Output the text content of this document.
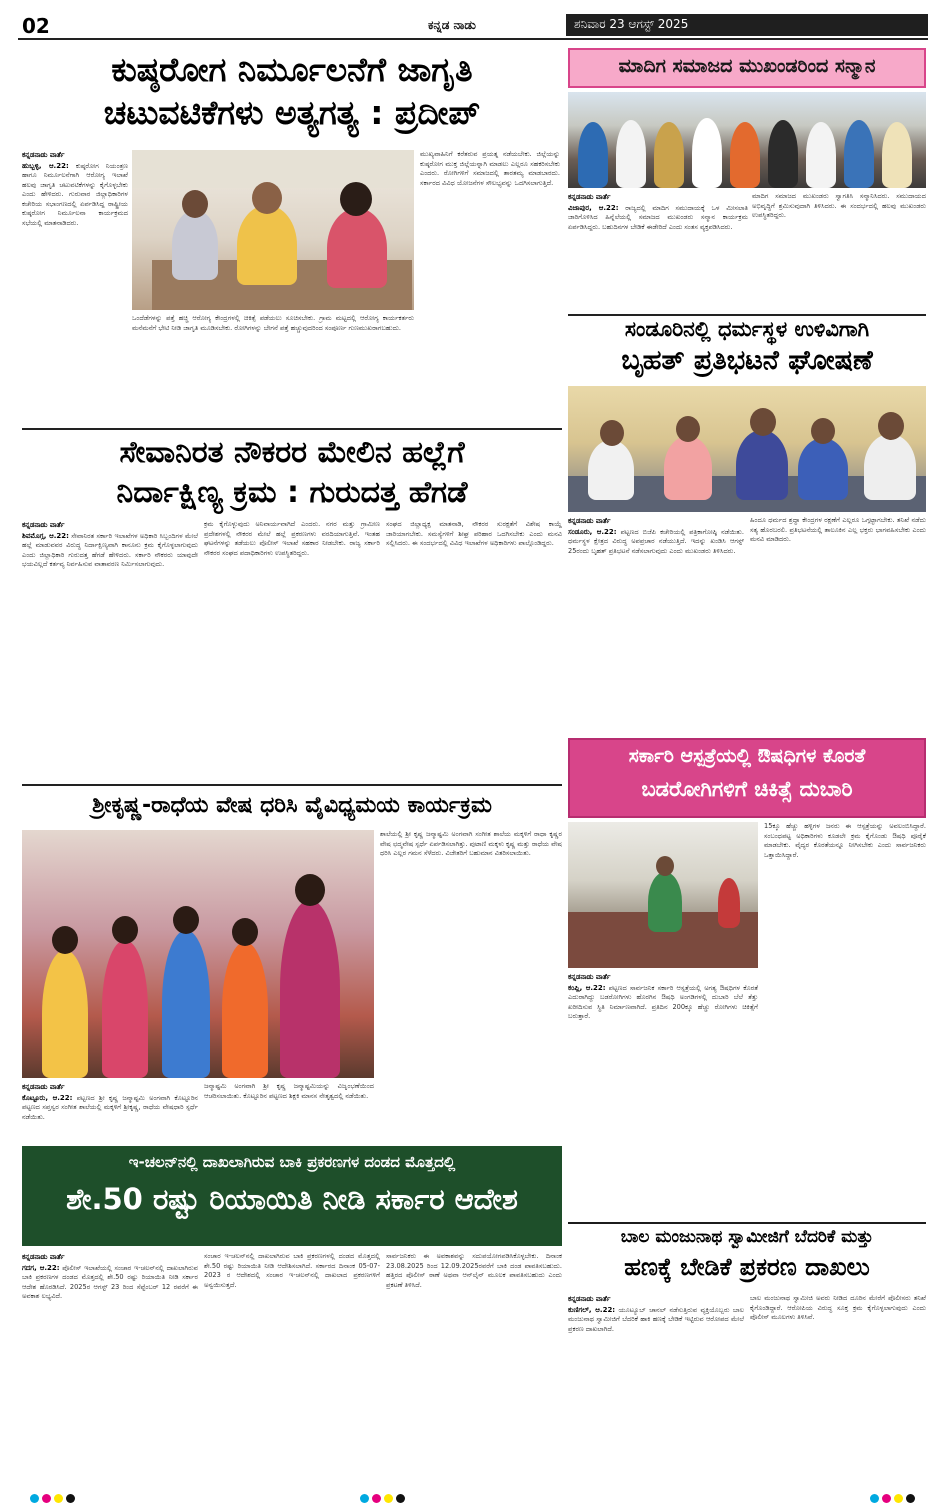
02	ಕನ್ನಡ ನಾಡು	ಶನಿವಾರ 23 ಆಗಸ್ಟ್ 2025
ಕುಷ್ಠರೋಗ ನಿರ್ಮೂಲನೆಗೆ ಜಾಗೃತಿ
ಚಟುವಟಿಕೆಗಳು ಅತ್ಯಗತ್ಯ : ಪ್ರದೀಪ್
ಕನ್ನಡನಾಡು ವಾರ್ತೆ
ಹುಬ್ಬಳ್ಳಿ, ಆ.22: ಕುಷ್ಠರೋಗ ನಿಯಂತ್ರಣ ಹಾಗೂ ನಿರ್ಮೂಲನೆಗಾಗಿ ಆರೋಗ್ಯ ಇಲಾಖೆ ಹಲವು ಜಾಗೃತಿ ಚಟುವಟಿಕೆಗಳನ್ನು ಕೈಗೊಳ್ಳಬೇಕು ಎಂದು ಹೇಳಿದರು. ಗುರುವಾರ ಜಿಲ್ಲಾಧಿಕಾರಿಗಳ ಕಚೇರಿಯ ಸಭಾಂಗಣದಲ್ಲಿ ಏರ್ಪಡಿಸಿದ್ದ ರಾಷ್ಟ್ರೀಯ ಕುಷ್ಠರೋಗ ನಿರ್ಮೂಲನಾ ಕಾರ್ಯಕ್ರಮದ ಸಭೆಯಲ್ಲಿ ಮಾತನಾಡಿದರು.
ಒಂದೆಡೆಗಳನ್ನು ಪತ್ತೆ ಹಚ್ಚಿ ಆರೋಗ್ಯ ಕೇಂದ್ರಗಳಲ್ಲಿ ಚಿಕಿತ್ಸೆ ಪಡೆಯಲು ಸೂಚಿಸಬೇಕು. ಗ್ರಾಮ ಮಟ್ಟದಲ್ಲಿ ಆರೋಗ್ಯ ಕಾರ್ಯಕರ್ತರು ಮನೆಮನೆಗೆ ಭೇಟಿ ನೀಡಿ ಜಾಗೃತಿ ಮೂಡಿಸಬೇಕು. ರೋಗಿಗಳನ್ನು ಬೇಗನೆ ಪತ್ತೆ ಹಚ್ಚುವುದರಿಂದ ಸಂಪೂರ್ಣ ಗುಣಮುಖರಾಗಬಹುದು.
ಮುಖ್ಯವಾಹಿನಿಗೆ ಕರೆತರುವ ಪ್ರಯತ್ನ ನಡೆಯಬೇಕು. ಜಿಲ್ಲೆಯನ್ನು ಕುಷ್ಠರೋಗ ಮುಕ್ತ ಜಿಲ್ಲೆಯನ್ನಾಗಿ ಮಾಡಲು ಎಲ್ಲರೂ ಸಹಕರಿಸಬೇಕು ಎಂದರು. ರೋಗಿಗಳಿಗೆ ಸಮಾಜದಲ್ಲಿ ತಾರತಮ್ಯ ಮಾಡಬಾರದು. ಸರ್ಕಾರದ ವಿವಿಧ ಯೋಜನೆಗಳ ಸೌಲಭ್ಯವನ್ನು ಒದಗಿಸಲಾಗುತ್ತಿದೆ.
ಮಾದಿಗ ಸಮಾಜದ ಮುಖಂಡರಿಂದ ಸನ್ಮಾನ
ಕನ್ನಡನಾಡು ವಾರ್ತೆ
ವಿಜಾಪುರ, ಆ.22: ರಾಜ್ಯದಲ್ಲಿ ಮಾದಿಗ ಸಮುದಾಯಕ್ಕೆ ಒಳ ಮೀಸಲಾತಿ ಜಾರಿಗೊಳಿಸಿದ ಹಿನ್ನೆಲೆಯಲ್ಲಿ ಸಮಾಜದ ಮುಖಂಡರು ಸನ್ಮಾನ ಕಾರ್ಯಕ್ರಮ ಏರ್ಪಡಿಸಿದ್ದರು. ಬಹುದಿನಗಳ ಬೇಡಿಕೆ ಈಡೇರಿದೆ ಎಂದು ಸಂತಸ ವ್ಯಕ್ತಪಡಿಸಿದರು.
ಮಾದಿಗ ಸಮಾಜದ ಮುಖಂಡರು ಸ್ವಾಗತಿಸಿ ಸನ್ಮಾನಿಸಿದರು. ಸಮುದಾಯದ ಅಭಿವೃದ್ಧಿಗೆ ಶ್ರಮಿಸುವುದಾಗಿ ತಿಳಿಸಿದರು. ಈ ಸಂದರ್ಭದಲ್ಲಿ ಹಲವು ಮುಖಂಡರು ಉಪಸ್ಥಿತರಿದ್ದರು.
ಸಂಡೂರಿನಲ್ಲಿ ಧರ್ಮಸ್ಥಳ ಉಳಿವಿಗಾಗಿ
ಬೃಹತ್ ಪ್ರತಿಭಟನೆ ಘೋಷಣೆ
ಕನ್ನಡನಾಡು ವಾರ್ತೆ
ಸಂಡೂರು, ಆ.22: ಪಟ್ಟಣದ ಬಿಜೆಪಿ ಕಚೇರಿಯಲ್ಲಿ ಪತ್ರಿಕಾಗೋಷ್ಠಿ ನಡೆಯಿತು. ಧರ್ಮಸ್ಥಳ ಕ್ಷೇತ್ರದ ವಿರುದ್ಧ ಅಪಪ್ರಚಾರ ನಡೆಯುತ್ತಿದೆ. ಇದನ್ನು ಖಂಡಿಸಿ ಆಗಸ್ಟ್ 25ರಂದು ಬೃಹತ್ ಪ್ರತಿಭಟನೆ ನಡೆಸಲಾಗುವುದು ಎಂದು ಮುಖಂಡರು ತಿಳಿಸಿದರು.
ಹಿಂದೂ ಧರ್ಮದ ಶ್ರದ್ಧಾ ಕೇಂದ್ರಗಳ ರಕ್ಷಣೆಗೆ ಎಲ್ಲರೂ ಒಗ್ಗಟ್ಟಾಗಬೇಕು. ತನಿಖೆ ನಡೆದು ಸತ್ಯ ಹೊರಬರಲಿ. ಪ್ರತಿಭಟನೆಯಲ್ಲಿ ತಾಲೂಕಿನ ಎಲ್ಲ ಭಕ್ತರು ಭಾಗವಹಿಸಬೇಕು ಎಂದು ಮನವಿ ಮಾಡಿದರು.
ಸೇವಾನಿರತ ನೌಕರರ ಮೇಲಿನ ಹಲ್ಲೆಗೆ
ನಿರ್ದಾಕ್ಷಿಣ್ಯ ಕ್ರಮ : ಗುರುದತ್ತ ಹೆಗಡೆ
ಕನ್ನಡನಾಡು ವಾರ್ತೆ
ಶಿವಮೊಗ್ಗ, ಆ.22: ಸೇವಾನಿರತ ಸರ್ಕಾರಿ ಇಲಾಖೆಗಳ ಅಧಿಕಾರಿ ಸಿಬ್ಬಂದಿಗಳ ಮೇಲೆ ಹಲ್ಲೆ ಮಾಡುವವರ ವಿರುದ್ಧ ನಿರ್ದಾಕ್ಷಿಣ್ಯವಾಗಿ ಕಾನೂನು ಕ್ರಮ ಕೈಗೊಳ್ಳಲಾಗುವುದು ಎಂದು ಜಿಲ್ಲಾಧಿಕಾರಿ ಗುರುದತ್ತ ಹೆಗಡೆ ಹೇಳಿದರು. ಸರ್ಕಾರಿ ನೌಕರರು ಯಾವುದೇ ಭಯವಿಲ್ಲದೆ ಕರ್ತವ್ಯ ನಿರ್ವಹಿಸುವ ವಾತಾವರಣ ನಿರ್ಮಿಸಲಾಗುವುದು.
ಕ್ರಮ ಕೈಗೊಳ್ಳುವುದು ಅನಿವಾರ್ಯವಾಗಿದೆ ಎಂದರು. ನಗರ ಮತ್ತು ಗ್ರಾಮೀಣ ಪ್ರದೇಶಗಳಲ್ಲಿ ನೌಕರರ ಮೇಲೆ ಹಲ್ಲೆ ಪ್ರಕರಣಗಳು ವರದಿಯಾಗುತ್ತಿವೆ. ಇಂತಹ ಘಟನೆಗಳನ್ನು ತಡೆಯಲು ಪೊಲೀಸ್ ಇಲಾಖೆ ಸಹಕಾರ ನೀಡಬೇಕು. ರಾಜ್ಯ ಸರ್ಕಾರಿ ನೌಕರರ ಸಂಘದ ಪದಾಧಿಕಾರಿಗಳು ಉಪಸ್ಥಿತರಿದ್ದರು.
ಸಂಘದ ಜಿಲ್ಲಾಧ್ಯಕ್ಷ ಮಾತನಾಡಿ, ನೌಕರರ ಸುರಕ್ಷತೆಗೆ ವಿಶೇಷ ಕಾಯ್ದೆ ಜಾರಿಯಾಗಬೇಕು. ಸಮಸ್ಯೆಗಳಿಗೆ ಶೀಘ್ರ ಪರಿಹಾರ ಒದಗಿಸಬೇಕು ಎಂದು ಮನವಿ ಸಲ್ಲಿಸಿದರು. ಈ ಸಂದರ್ಭದಲ್ಲಿ ವಿವಿಧ ಇಲಾಖೆಗಳ ಅಧಿಕಾರಿಗಳು ಪಾಲ್ಗೊಂಡಿದ್ದರು.
ಸರ್ಕಾರಿ ಆಸ್ಪತ್ರೆಯಲ್ಲಿ ಔಷಧಿಗಳ ಕೊರತೆ
ಬಡರೋಗಿಗಳಿಗೆ ಚಿಕಿತ್ಸೆ ದುಬಾರಿ
15ಕ್ಕೂ ಹೆಚ್ಚು ಹಳ್ಳಿಗಳ ಜನರು ಈ ಆಸ್ಪತ್ರೆಯನ್ನು ಅವಲಂಬಿಸಿದ್ದಾರೆ. ಸಂಬಂಧಪಟ್ಟ ಅಧಿಕಾರಿಗಳು ಕೂಡಲೇ ಕ್ರಮ ಕೈಗೊಂಡು ಔಷಧಿ ಪೂರೈಕೆ ಮಾಡಬೇಕು. ವೈದ್ಯರ ಕೊರತೆಯನ್ನೂ ನೀಗಿಸಬೇಕು ಎಂದು ಸಾರ್ವಜನಿಕರು ಒತ್ತಾಯಿಸಿದ್ದಾರೆ.
ಕನ್ನಡನಾಡು ವಾರ್ತೆ
ಕಂಪ್ಲಿ, ಆ.22: ಪಟ್ಟಣದ ಸಾರ್ವಜನಿಕ ಸರ್ಕಾರಿ ಆಸ್ಪತ್ರೆಯಲ್ಲಿ ಅಗತ್ಯ ಔಷಧಿಗಳ ಕೊರತೆ ಎದುರಾಗಿದ್ದು ಬಡರೋಗಿಗಳು ಹೊರಗಿನ ಔಷಧಿ ಅಂಗಡಿಗಳಲ್ಲಿ ದುಬಾರಿ ಬೆಲೆ ತೆತ್ತು ಖರೀದಿಸುವ ಸ್ಥಿತಿ ನಿರ್ಮಾಣವಾಗಿದೆ. ಪ್ರತಿದಿನ 200ಕ್ಕೂ ಹೆಚ್ಚು ರೋಗಿಗಳು ಚಿಕಿತ್ಸೆಗೆ ಬರುತ್ತಾರೆ.
ಶ್ರೀಕೃಷ್ಣ-ರಾಧೆಯ ವೇಷ ಧರಿಸಿ ವೈವಿಧ್ಯಮಯ ಕಾರ್ಯಕ್ರಮ
ಶಾಲೆಯಲ್ಲಿ ಶ್ರೀ ಕೃಷ್ಣ ಜನ್ಮಾಷ್ಟಮಿ ಅಂಗವಾಗಿ ಸಂಗೀತ ಶಾಲೆಯ ಮಕ್ಕಳಿಗೆ ರಾಧಾ ಕೃಷ್ಣರ ವೇಷ ಛದ್ಮವೇಷ ಸ್ಪರ್ಧೆ ಏರ್ಪಡಿಸಲಾಗಿತ್ತು. ಪುಟಾಣಿ ಮಕ್ಕಳು ಕೃಷ್ಣ ಮತ್ತು ರಾಧೆಯ ವೇಷ ಧರಿಸಿ ಎಲ್ಲರ ಗಮನ ಸೆಳೆದರು. ವಿಜೇತರಿಗೆ ಬಹುಮಾನ ವಿತರಿಸಲಾಯಿತು.
ಕನ್ನಡನಾಡು ವಾರ್ತೆ
ಕೊಟ್ಟೂರು, ಆ.22: ಪಟ್ಟಣದ ಶ್ರೀ ಕೃಷ್ಣ ಜನ್ಮಾಷ್ಟಮಿ ಅಂಗವಾಗಿ ಕೊಟ್ಟೂರಿನ ಪಟ್ಟಣದ ಸಪ್ತಸ್ವರ ಸಂಗೀತ ಶಾಲೆಯಲ್ಲಿ ಮಕ್ಕಳಿಗೆ ಶ್ರೀಕೃಷ್ಣ, ರಾಧೆಯ ವೇಷಧಾರಿ ಸ್ಪರ್ಧೆ ನಡೆಯಿತು.
ಜನ್ಮಾಷ್ಟಮಿ ಅಂಗವಾಗಿ ಶ್ರೀ ಕೃಷ್ಣ ಜನ್ಮಾಷ್ಟಮಿಯನ್ನು ವಿಜೃಂಭಣೆಯಿಂದ ಆಚರಿಸಲಾಯಿತು. ಕೊಟ್ಟೂರಿನ ಪಟ್ಟಣದ ಶಿಕ್ಷಕಿ ಮಾನಸ ನೇತೃತ್ವದಲ್ಲಿ ನಡೆಯಿತು.
ಇ-ಚಲನ್‌ನಲ್ಲಿ ದಾಖಲಾಗಿರುವ ಬಾಕಿ ಪ್ರಕರಣಗಳ ದಂಡದ ಮೊತ್ತದಲ್ಲಿ
ಶೇ.50 ರಷ್ಟು ರಿಯಾಯಿತಿ ನೀಡಿ ಸರ್ಕಾರ ಆದೇಶ
ಕನ್ನಡನಾಡು ವಾರ್ತೆ
ಗದಗ, ಆ.22: ಪೊಲೀಸ್ ಇಲಾಖೆಯಲ್ಲಿ ಸಂಚಾರ ಇ-ಚಲನ್‌ನಲ್ಲಿ ದಾಖಲಾಗಿರುವ ಬಾಕಿ ಪ್ರಕರಣಗಳ ದಂಡದ ಮೊತ್ತದಲ್ಲಿ ಶೇ.50 ರಷ್ಟು ರಿಯಾಯಿತಿ ನೀಡಿ ಸರ್ಕಾರ ಆದೇಶ ಹೊರಡಿಸಿದೆ. 2025ರ ಆಗಸ್ಟ್ 23 ರಿಂದ ಸೆಪ್ಟೆಂಬರ್ 12 ರವರೆಗೆ ಈ ಅವಕಾಶ ಲಭ್ಯವಿದೆ.
ಸಂಚಾರ ಇ-ಚಲನ್‌ನಲ್ಲಿ ದಾಖಲಾಗಿರುವ ಬಾಕಿ ಪ್ರಕರಣಗಳಲ್ಲಿ ದಂಡದ ಮೊತ್ತದಲ್ಲಿ ಶೇ.50 ರಷ್ಟು ರಿಯಾಯಿತಿ ನೀಡಿ ಆದೇಶಿಸಲಾಗಿದೆ. ಸರ್ಕಾರದ ದಿನಾಂಕ 05-07-2023 ರ ಆದೇಶದಲ್ಲಿ ಸಂಚಾರ ಇ-ಚಲನ್‌ನಲ್ಲಿ ದಾಖಲಾದ ಪ್ರಕರಣಗಳಿಗೆ ಅನ್ವಯಿಸುತ್ತದೆ.
ಸಾರ್ವಜನಿಕರು ಈ ಅವಕಾಶವನ್ನು ಸದುಪಯೋಗಪಡಿಸಿಕೊಳ್ಳಬೇಕು. ದಿನಾಂಕ 23.08.2025 ರಿಂದ 12.09.2025ರವರೆಗೆ ಬಾಕಿ ದಂಡ ಪಾವತಿಸಬಹುದು. ಹತ್ತಿರದ ಪೊಲೀಸ್ ಠಾಣೆ ಅಥವಾ ಆನ್‌ಲೈನ್ ಮೂಲಕ ಪಾವತಿಸಬಹುದು ಎಂದು ಪ್ರಕಟಣೆ ತಿಳಿಸಿದೆ.
ಬಾಲ ಮಂಜುನಾಥ ಸ್ವಾಮೀಜಿಗೆ ಬೆದರಿಕೆ ಮತ್ತು
ಹಣಕ್ಕೆ ಬೇಡಿಕೆ ಪ್ರಕರಣ ದಾಖಲು
ಕನ್ನಡನಾಡು ವಾರ್ತೆ
ಕುಣಿಗಲ್, ಆ.22: ಯೂಟ್ಯೂಬ್ ಚಾನಲ್ ನಡೆಸುತ್ತಿರುವ ವ್ಯಕ್ತಿಯೊಬ್ಬರು ಬಾಲ ಮಂಜುನಾಥ ಸ್ವಾಮೀಜಿಗೆ ಬೆದರಿಕೆ ಹಾಕಿ ಹಣಕ್ಕೆ ಬೇಡಿಕೆ ಇಟ್ಟಿರುವ ಆರೋಪದ ಮೇಲೆ ಪ್ರಕರಣ ದಾಖಲಾಗಿದೆ.
ಬಾಲ ಮಂಜುನಾಥ ಸ್ವಾಮೀಜಿ ಅವರು ನೀಡಿದ ದೂರಿನ ಮೇರೆಗೆ ಪೊಲೀಸರು ತನಿಖೆ ಕೈಗೊಂಡಿದ್ದಾರೆ. ಆರೋಪಿಯ ವಿರುದ್ಧ ಸೂಕ್ತ ಕ್ರಮ ಕೈಗೊಳ್ಳಲಾಗುವುದು ಎಂದು ಪೊಲೀಸ್ ಮೂಲಗಳು ತಿಳಿಸಿವೆ.
